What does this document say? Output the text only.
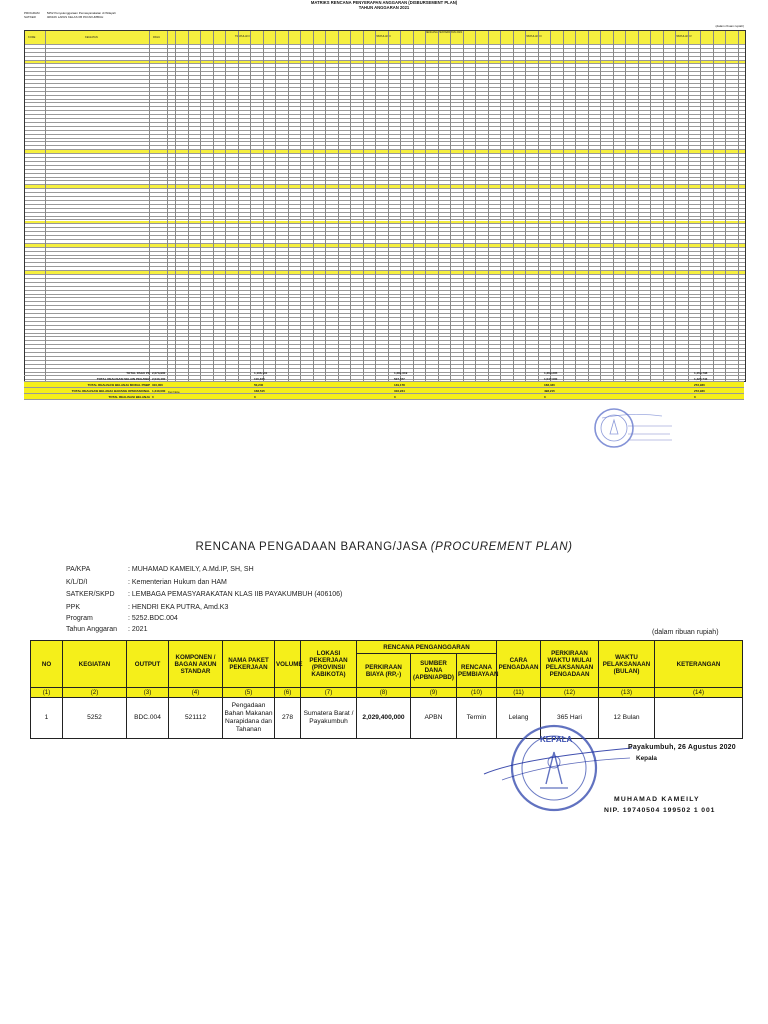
MATRIKS RENCANA PENYERAPAN ANGGARAN (DISBURSEMENT PLAN)
TAHUN ANGGARAN 2021
PROGRAM 5252 Penyelenggaraan Pemasyarakatan di Wilayah
SATKER	406106 LAPAS KELAS IIB PAYAKUMBUH
(dalam ribuan rupiah)
KODE	KEGIATAN	PAGU
RENCANA PENYERAPAN 2021
TRIWULAN I	TRIWULAN II	TRIWULAN III	TRIWULAN IV
TOTAL PAGU PP 2,073,900	1,106,101	1,281,019	1,360,205	1,453,738
TOTAL REALISASI SELAIN PEGAWAI 2,043,400	110,460	527,377	1,047,000	1,420,743
TOTAL REALISASI BELANJA MODAL PNBP 310,000	50,240	149,178	168,430	272,930
TOTAL REALISASI BELANJA BARANG OPERASIONAL 1,240,000	168,515	316,234	498,215	272,930
TOTAL REALISASI BELANJA 0	0	0	0	0
Ket Note
RENCANA PENGADAAN BARANG/JASA (PROCUREMENT PLAN)
PA/KPA	: MUHAMAD KAMEILY, A.Md.IP, SH, SH
K/L/D/I	: Kementerian Hukum dan HAM
SATKER/SKPD : LEMBAGA PEMASYARAKATAN KLAS IIB PAYAKUMBUH (406106)
PPK	: HENDRI EKA PUTRA, Amd.K3
Program	: 5252.BDC.004
Tahun Anggaran : 2021	(dalam ribuan rupiah)
NO	KEGIATAN	OUTPUT	KOMPONEN / BAGAN AKUN STANDAR	NAMA PAKET PEKERJAAN	VOLUME	LOKASI PEKERJAAN (PROVINSI/ KABIKOTA)	RENCANA PENGANGGARAN			CARA PENGADAAN	PERKIRAAN WAKTU MULAI PELAKSANAAN PENGADAAN	WAKTU PELAKSANAAN (BULAN)	KETERANGAN
							PERKIRAAN BIAYA (RP,-)	SUMBER DANA (APBN/APBD)	RENCANA PEMBIAYAAN				
(1)	(2)	(3)	(4)	(5)	(6)	(7)	(8)	(9)	(10)	(11)	(12)	(13)	(14)
1	5252	BDC.004	521112	Pengadaan Bahan Makanan Narapidana dan Tahanan	278	Sumatera Barat / Payakumbuh	2,029,400,000	APBN	Termin	Lelang	365 Hari	12 Bulan	
KEPALA
Payakumbuh, 26 Agustus 2020
Kepala
MUHAMAD KAMEILY
NIP. 19740504 199502 1 001
